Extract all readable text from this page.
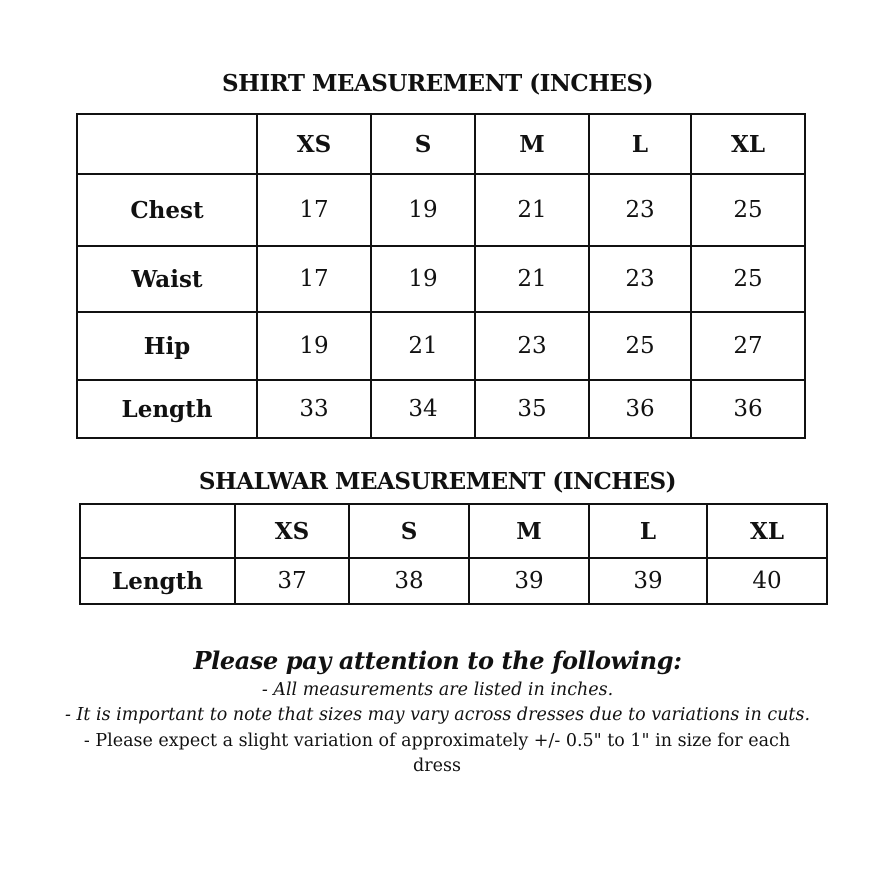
SHIRT MEASUREMENT (INCHES)
	XS	S	M	L	XL
Chest	17	19	21	23	25
Waist	17	19	21	23	25
Hip	19	21	23	25	27
Length	33	34	35	36	36
SHALWAR MEASUREMENT (INCHES)
	XS	S	M	L	XL
Length	37	38	39	39	40
Please pay attention to the following:
- All measurements are listed in inches.
- It is important to note that sizes may vary across dresses due to variations in cuts.
- Please expect a slight variation of approximately +/- 0.5" to 1" in size for each dress
